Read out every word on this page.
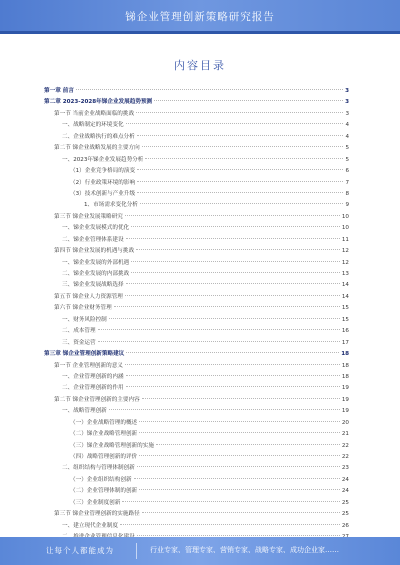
锑企业管理创新策略研究报告
内容目录
第一章 前言	3
第二章 2023-2028年锑企业发展趋势预测	3
第一节 当前企业战略面临的挑战	3
一、战略制定的环境变化	4
二、企业战略执行的难点分析	4
第二节 锑企业战略发展的主要方向	5
一、2023年锑企业发展趋势分析	5
（1）企业竞争格局的演变	6
（2）行业政策环境的影响	7
（3）技术创新与产业升级	8
1、市场需求变化分析	9
第三节 锑企业发展策略研究	10
一、锑企业发展模式的优化	10
二、锑企业管理体系建设	11
第四节 锑企业发展的机遇与挑战	12
一、锑企业发展的外部机遇	12
二、锑企业发展的内部挑战	13
三、锑企业发展战略选择	14
第五节 锑企业人力资源管理	14
第六节 锑企业财务管理	15
一、财务风险控制	15
二、成本管理	16
三、资金运营	17
第三章 锑企业管理创新策略建议	18
第一节 企业管理创新的意义	18
一、企业管理创新的内涵	18
二、企业管理创新的作用	19
第二节 锑企业管理创新的主要内容	19
一、战略管理创新	19
（一）企业战略管理的概述	20
（二）锑企业战略管理创新	21
（三）锑企业战略管理创新的实施	22
（四）战略管理创新的评价	22
二、组织结构与管理体制创新	23
（一）企业组织结构创新	24
（二）企业管理体制的创新	24
（三）企业制度创新	25
第三节 锑企业管理创新的实施路径	25
一、建立现代企业制度	26
让每个人都能成为	行业专家、管理专家、营销专家、战略专家、成功企业家……
